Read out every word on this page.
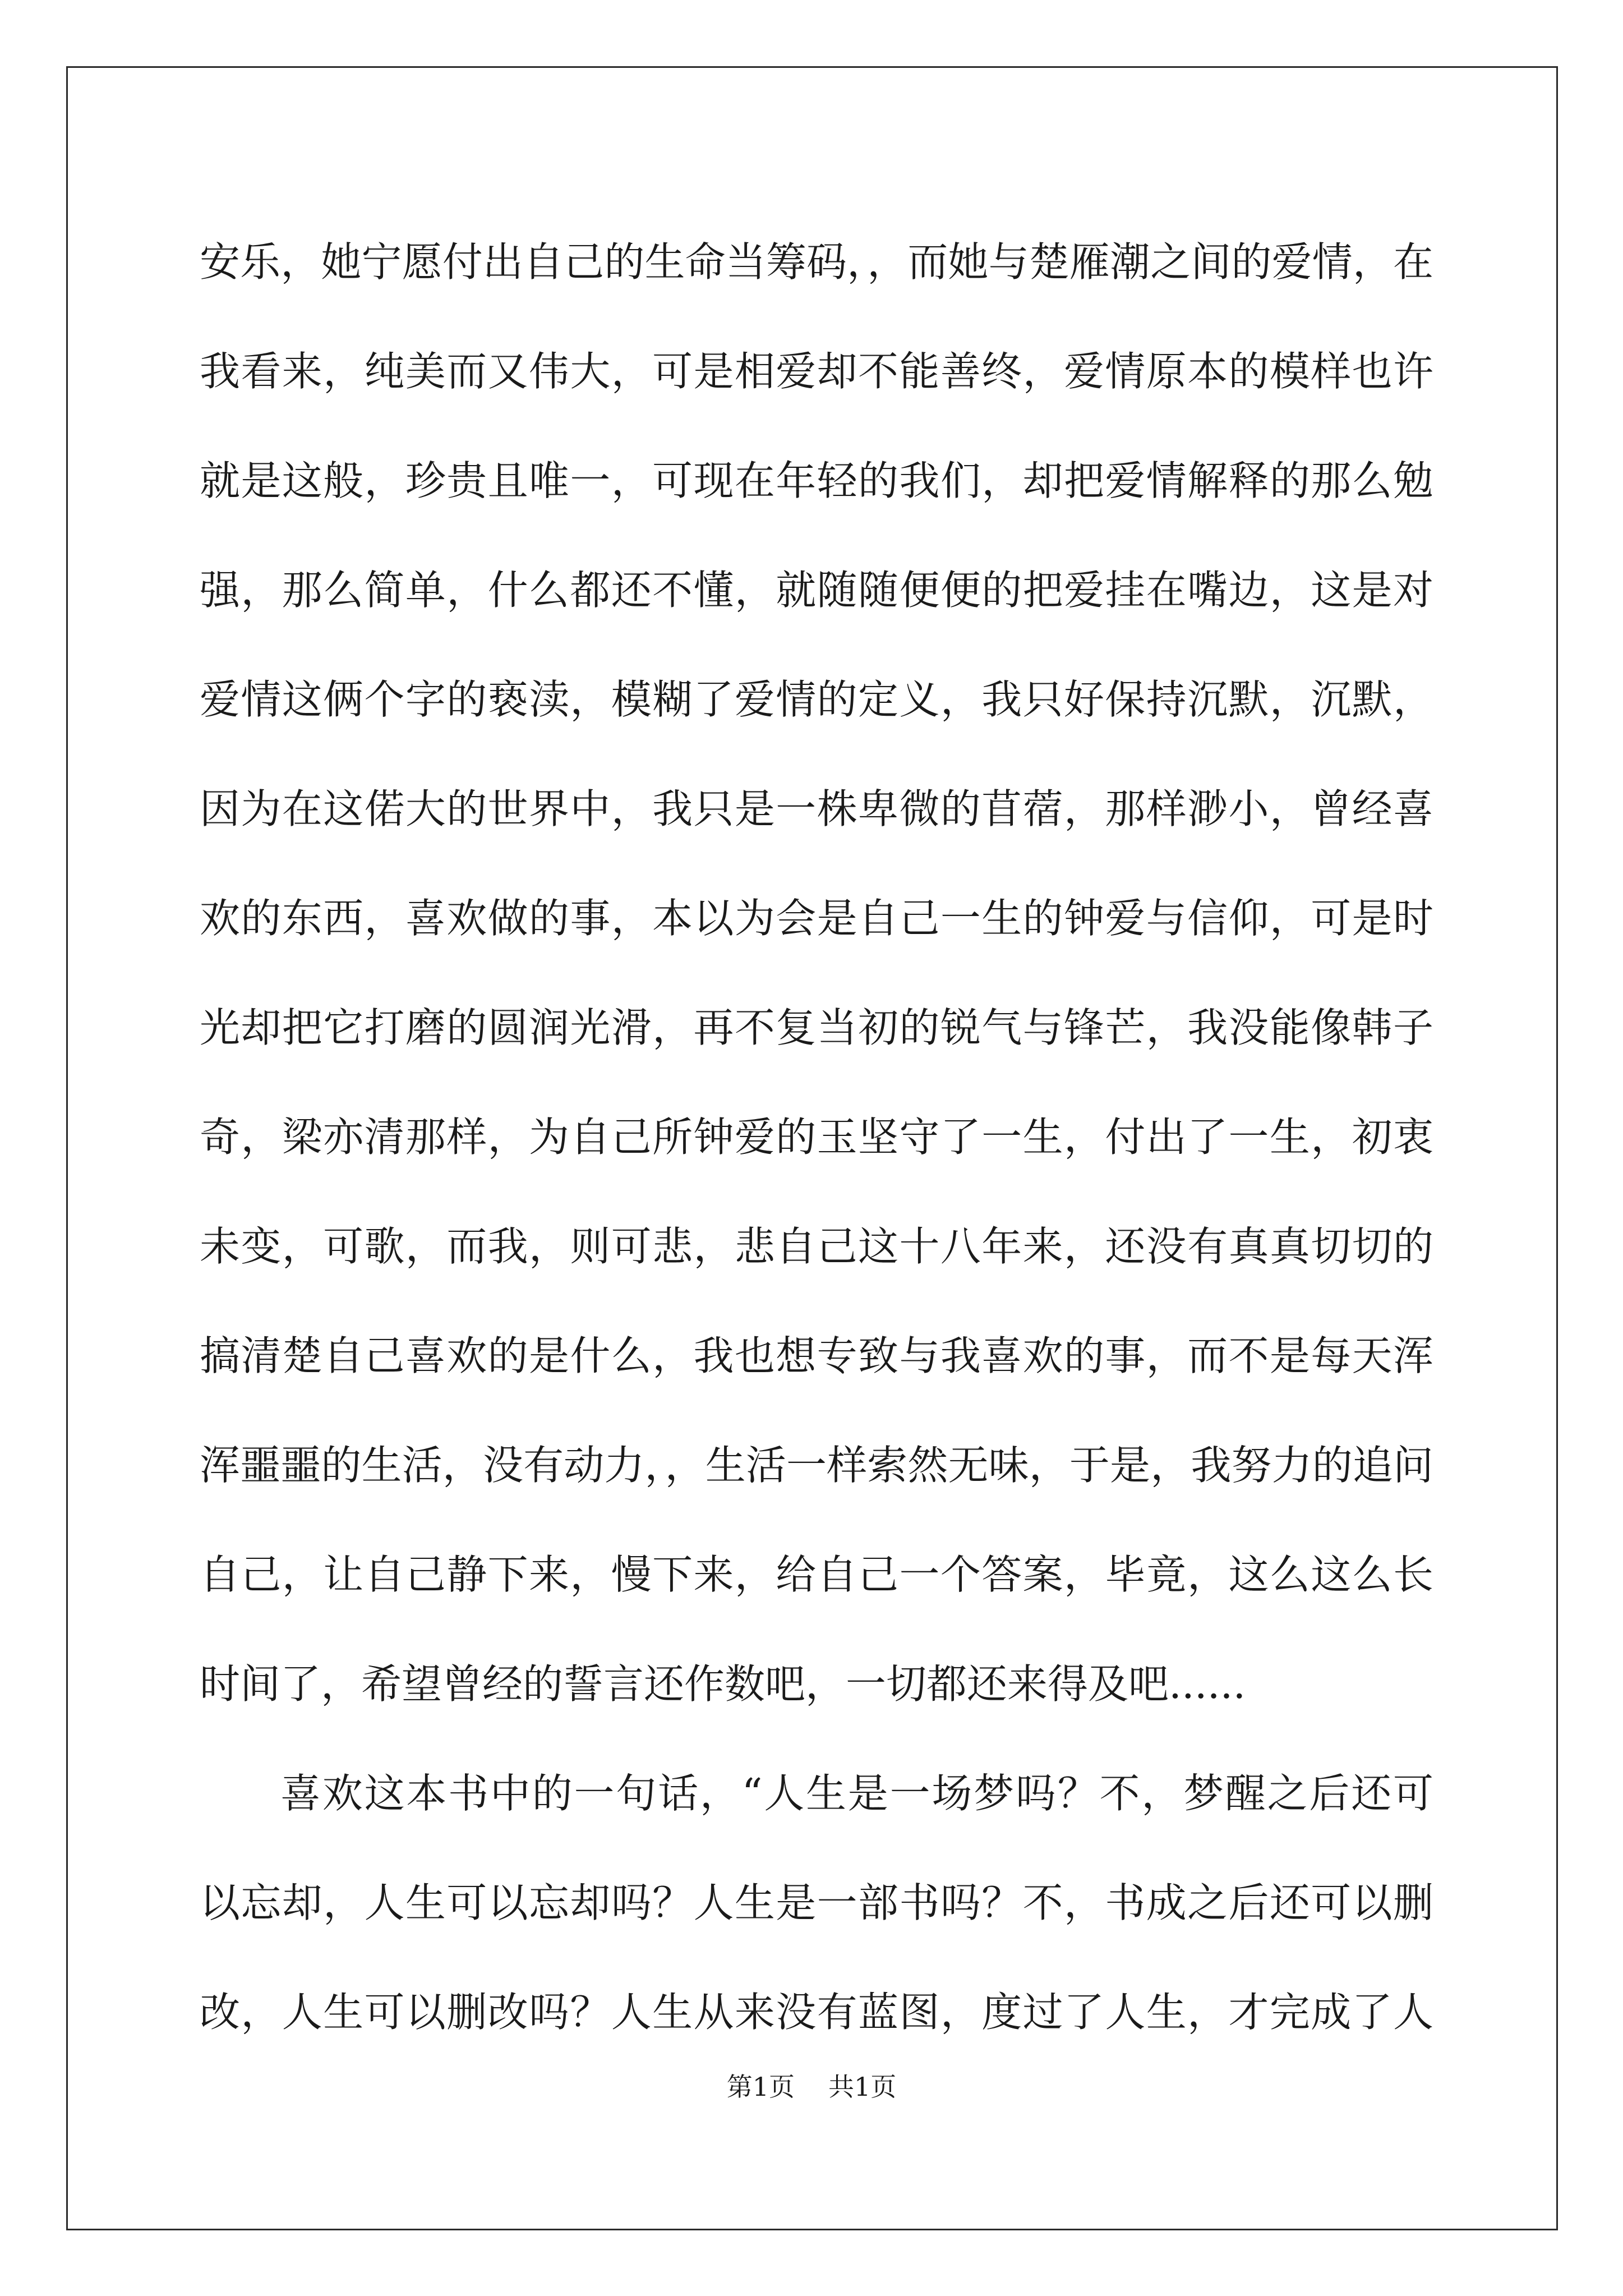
安乐，她宁愿付出自己的生命当筹码，，而她与楚雁潮之间的爱情，在
我看来，纯美而又伟大，可是相爱却不能善终，爱情原本的模样也许
就是这般，珍贵且唯一，可现在年轻的我们，却把爱情解释的那么勉
强，那么简单，什么都还不懂，就随随便便的把爱挂在嘴边，这是对
爱情这俩个字的亵渎，模糊了爱情的定义，我只好保持沉默，沉默，
因为在这偌大的世界中，我只是一株卑微的苜蓿，那样渺小，曾经喜
欢的东西，喜欢做的事，本以为会是自己一生的钟爱与信仰，可是时
光却把它打磨的圆润光滑，再不复当初的锐气与锋芒，我没能像韩子
奇，梁亦清那样，为自己所钟爱的玉坚守了一生，付出了一生，初衷
未变，可歌，而我，则可悲，悲自己这十八年来，还没有真真切切的
搞清楚自己喜欢的是什么，我也想专致与我喜欢的事，而不是每天浑
浑噩噩的生活，没有动力，，生活一样索然无味，于是，我努力的追问
自己，让自己静下来，慢下来，给自己一个答案，毕竟，这么这么长
时间了，希望曾经的誓言还作数吧，一切都还来得及吧......
喜欢这本书中的一句话，“人生是一场梦吗？不，梦醒之后还可
以忘却，人生可以忘却吗？人生是一部书吗？不，书成之后还可以删
改，人生可以删改吗？人生从来没有蓝图，度过了人生，才完成了人
第1页 共1页
